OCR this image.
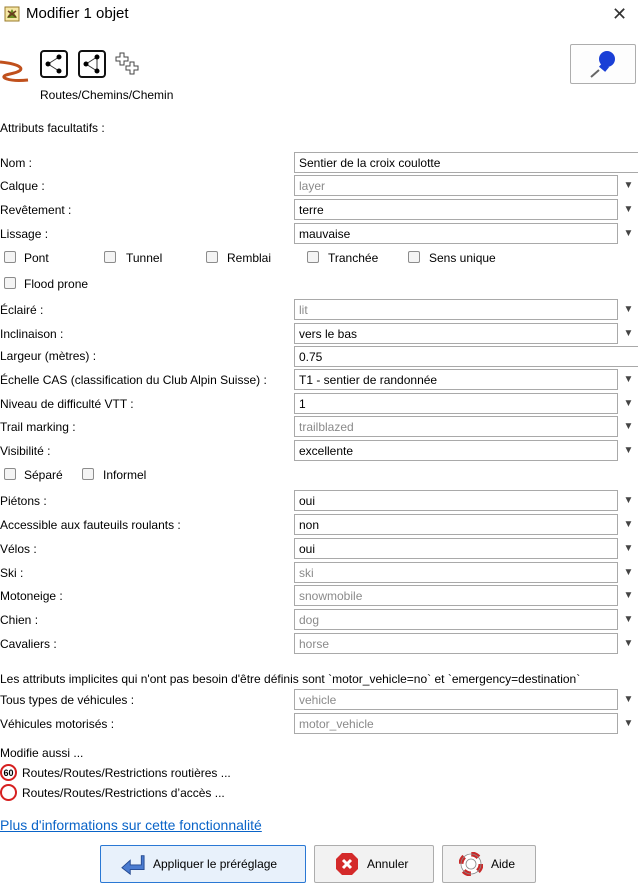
Modifier 1 objet	✕
Routes/Chemins/Chemin
Attributs facultatifs :
Nom :	Sentier de la croix coulotte
Calque :	layer	▼
Revêtement :	terre	▼
Lissage :	mauvaise	▼
Pont	Tunnel	Remblai	Tranchée	Sens unique
Flood prone
Éclairé :	lit	▼
Inclinaison :	vers le bas	▼
Largeur (mètres) :	0.75
Échelle CAS (classification du Club Alpin Suisse) :	T1 - sentier de randonnée	▼
Niveau de difficulté VTT :	1	▼
Trail marking :	trailblazed	▼
Visibilité :	excellente	▼
Séparé	Informel
Piétons :	oui	▼
Accessible aux fauteuils roulants :	non	▼
Vélos :	oui	▼
Ski :	ski	▼
Motoneige :	snowmobile	▼
Chien :	dog	▼
Cavaliers :	horse	▼
Les attributs implicites qui n'ont pas besoin d'être définis sont `motor_vehicle=no` et `emergency=destination`
Tous types de véhicules :	vehicle	▼
Véhicules motorisés :	motor_vehicle	▼
Modifie aussi ...
60 Routes/Routes/Restrictions routières ...
Routes/Routes/Restrictions d’accès ...
Plus d'informations sur cette fonctionnalité
Appliquer le préréglage	Annuler	Aide
